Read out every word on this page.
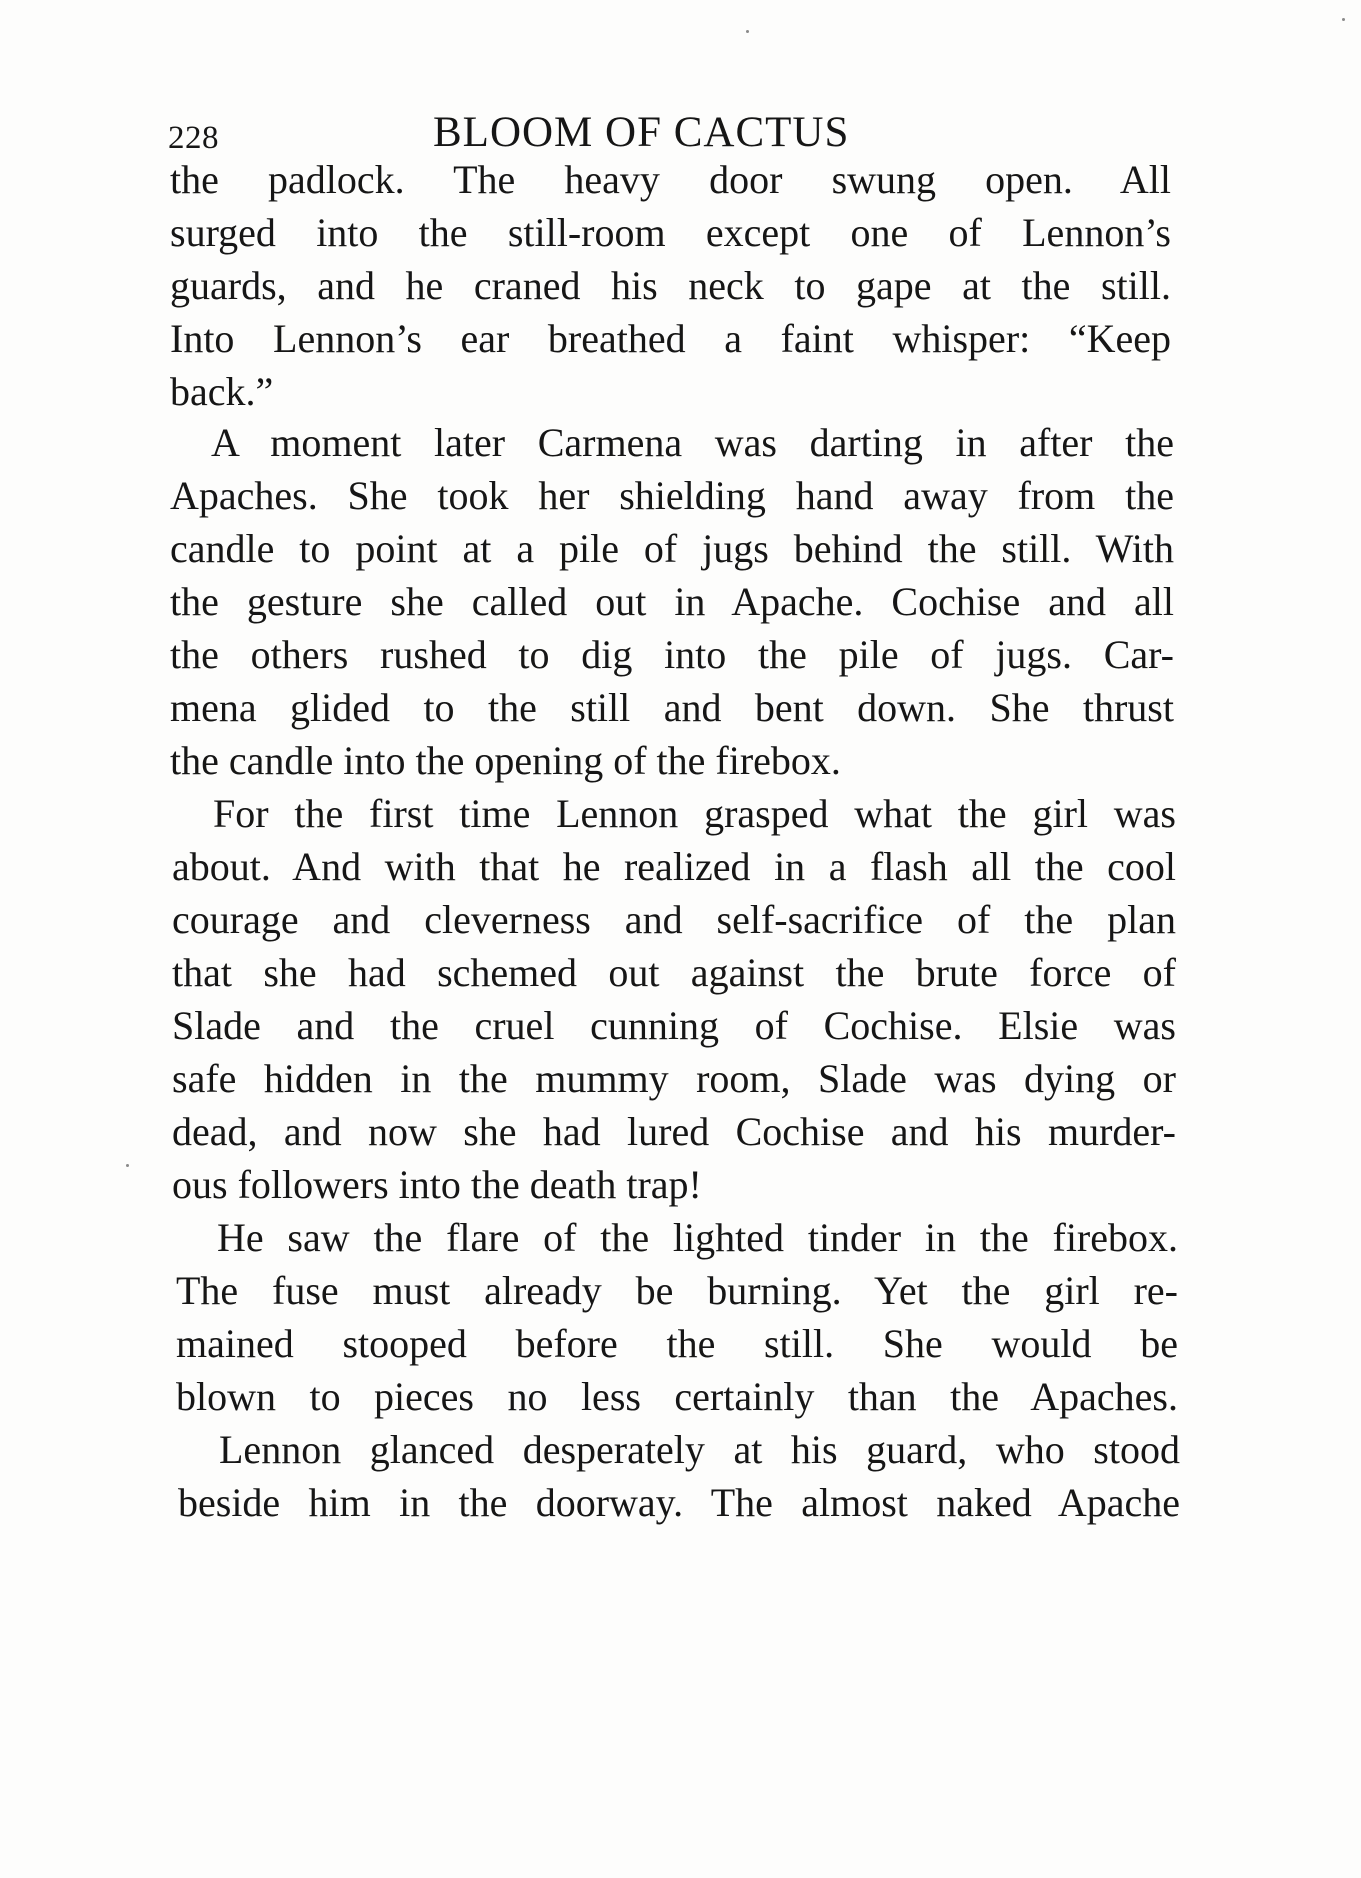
228	BLOOM OF CACTUS
the padlock. The heavy door swung open. All
surged into the still-room except one of Lennon’s
guards, and he craned his neck to gape at the still.
Into Lennon’s ear breathed a faint whisper: “Keep
back.”
A moment later Carmena was darting in after the
Apaches. She took her shielding hand away from the
candle to point at a pile of jugs behind the still. With
the gesture she called out in Apache. Cochise and all
the others rushed to dig into the pile of jugs. Car-
mena glided to the still and bent down. She thrust
the candle into the opening of the firebox.
For the first time Lennon grasped what the girl was
about. And with that he realized in a flash all the cool
courage and cleverness and self-sacrifice of the plan
that she had schemed out against the brute force of
Slade and the cruel cunning of Cochise. Elsie was
safe hidden in the mummy room, Slade was dying or
dead, and now she had lured Cochise and his murder-
ous followers into the death trap!
He saw the flare of the lighted tinder in the firebox.
The fuse must already be burning. Yet the girl re-
mained stooped before the still. She would be
blown to pieces no less certainly than the Apaches.
Lennon glanced desperately at his guard, who stood
beside him in the doorway. The almost naked Apache
